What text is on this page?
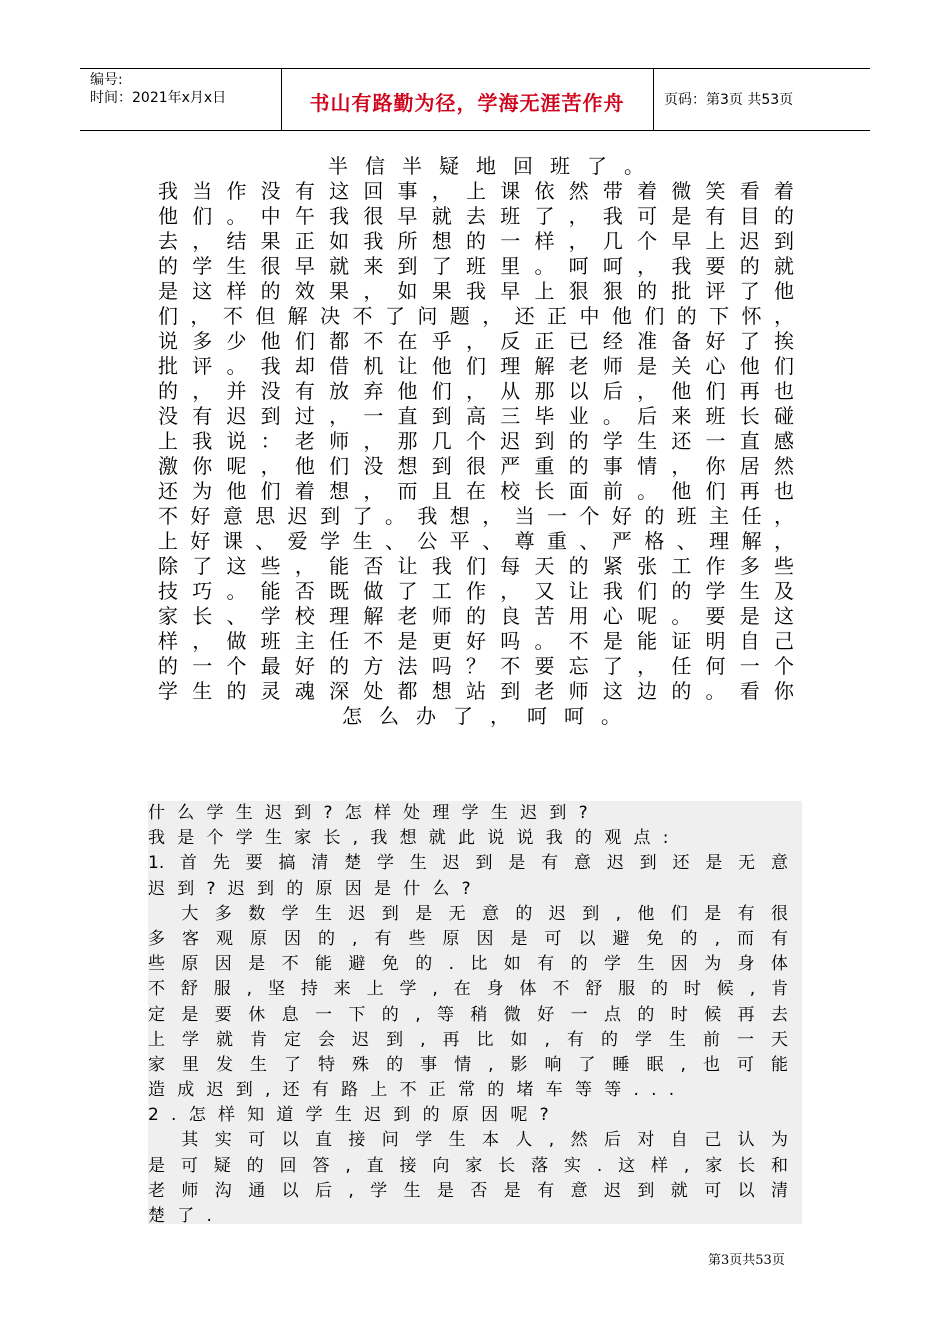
编号:
时间：2021年x月x日	书山有路勤为径，学海无涯苦作舟	页码：第3页 共53页
半信半疑地回班了。
我当作没有这回事，上课依然带着微笑看着
他们。中午我很早就去班了，我可是有目的
去，结果正如我所想的一样，几个早上迟到
的学生很早就来到了班里。呵呵，我要的就
是这样的效果，如果我早上狠狠的批评了他
们，不但解决不了问题，还正中他们的下怀，
说多少他们都不在乎，反正已经准备好了挨
批评。我却借机让他们理解老师是关心他们
的，并没有放弃他们，从那以后，他们再也
没有迟到过，一直到高三毕业。后来班长碰
上我说：老师，那几个迟到的学生还一直感
激你呢，他们没想到很严重的事情，你居然
还为他们着想，而且在校长面前。他们再也
不好意思迟到了。我想，当一个好的班主任，
上好课、爱学生、公平、尊重、严格、理解，
除了这些，能否让我们每天的紧张工作多些
技巧。能否既做了工作，又让我们的学生及
家长、学校理解老师的良苦用心呢。要是这
样，做班主任不是更好吗。不是能证明自己
的一个最好的方法吗？不要忘了，任何一个
学生的灵魂深处都想站到老师这边的。看你
怎么办了，呵呵。
什么学生迟到?怎样处理学生迟到?
我是个学生家长,我想就此说说我的观点:
1.首先要搞清楚学生迟到是有意迟到还是无意
迟到?迟到的原因是什么?
　大多数学生迟到是无意的迟到,他们是有很
多客观原因的,有些原因是可以避免的,而有
些原因是不能避免的.比如有的学生因为身体
不舒服,坚持来上学,在身体不舒服的时候,肯
定是要休息一下的,等稍微好一点的时候再去
上学就肯定会迟到,再比如,有的学生前一天
家里发生了特殊的事情,影响了睡眠,也可能
造成迟到,还有路上不正常的堵车等等...
2.怎样知道学生迟到的原因呢?
　其实可以直接问学生本人,然后对自己认为
是可疑的回答,直接向家长落实.这样,家长和
老师沟通以后,学生是否是有意迟到就可以清
楚了.
第3页共53页
